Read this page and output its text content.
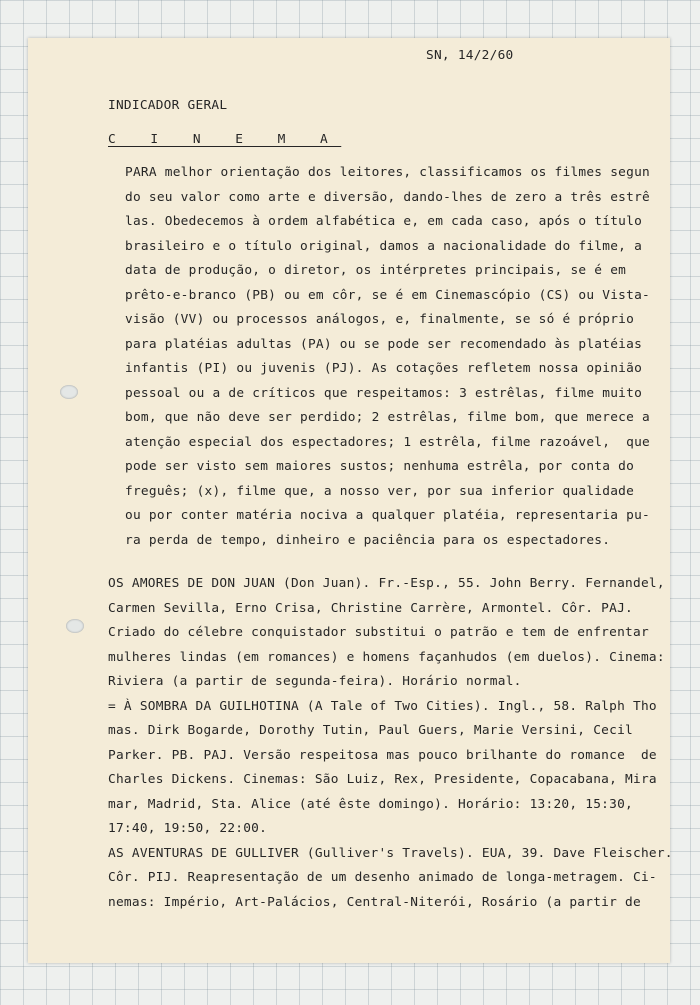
SN, 14/2/60
INDICADOR GERAL
C I N E M A
PARA melhor orientação dos leitores, classificamos os filmes segun
do seu valor como arte e diversão, dando-lhes de zero a três estrê
las. Obedecemos à ordem alfabética e, em cada caso, após o título
brasileiro e o título original, damos a nacionalidade do filme, a
data de produção, o diretor, os intérpretes principais, se é em
prêto-e-branco (PB) ou em côr, se é em Cinemascópio (CS) ou Vista-
visão (VV) ou processos análogos, e, finalmente, se só é próprio
para platéias adultas (PA) ou se pode ser recomendado às platéias
infantis (PI) ou juvenis (PJ). As cotações refletem nossa opinião
pessoal ou a de críticos que respeitamos: 3 estrêlas, filme muito
bom, que não deve ser perdido; 2 estrêlas, filme bom, que merece a
atenção especial dos espectadores; 1 estrêla, filme razoável,  que
pode ser visto sem maiores sustos; nenhuma estrêla, por conta do
freguês; (x), filme que, a nosso ver, por sua inferior qualidade
ou por conter matéria nociva a qualquer platéia, representaria pu-
ra perda de tempo, dinheiro e paciência para os espectadores.
OS AMORES DE DON JUAN (Don Juan). Fr.-Esp., 55. John Berry. Fernandel,
Carmen Sevilla, Erno Crisa, Christine Carrère, Armontel. Côr. PAJ.
Criado do célebre conquistador substitui o patrão e tem de enfrentar
mulheres lindas (em romances) e homens façanhudos (em duelos). Cinema:
Riviera (a partir de segunda-feira). Horário normal.
= À SOMBRA DA GUILHOTINA (A Tale of Two Cities). Ingl., 58. Ralph Tho
mas. Dirk Bogarde, Dorothy Tutin, Paul Guers, Marie Versini, Cecil
Parker. PB. PAJ. Versão respeitosa mas pouco brilhante do romance  de
Charles Dickens. Cinemas: São Luiz, Rex, Presidente, Copacabana, Mira
mar, Madrid, Sta. Alice (até êste domingo). Horário: 13:20, 15:30,
17:40, 19:50, 22:00.
AS AVENTURAS DE GULLIVER (Gulliver's Travels). EUA, 39. Dave Fleischer.
Côr. PIJ. Reapresentação de um desenho animado de longa-metragem. Ci-
nemas: Império, Art-Palácios, Central-Niterói, Rosário (a partir de
